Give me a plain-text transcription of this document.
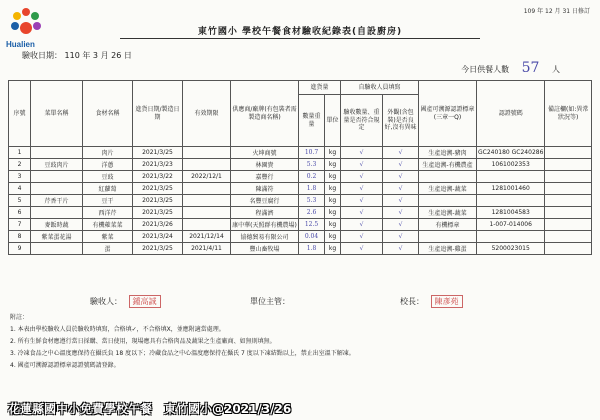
Hualien
109 年 12 月 31 日修訂
東竹國小 學校午餐食材驗收紀錄表(自設廚房)
驗收日期： 110 年 3 月 26 日
今日供餐人數 57 人
序號	菜單名稱	食材名稱	進貨日期/製造日期	有效期限	供應商/廠牌(有包裝者需製造商名稱)	進貨量		自驗收人員填寫		國產可溯源認證標章(三章一Q)	認證號碼	備註欄(如:異常狀況等)
						數量重量	單位	驗收數量、重量是否符合規定	外觀(含包裝)是否良好,沒有異味			
1		肉片	2021/3/25		火坤商號	10.7	kg	√	√	生產追溯-豬肉	GC240180 GC240286	
2	豆豉肉片	洋蔥	2021/3/23		林園貴	5.3	kg	√	√	生產追溯-有機農產	1061002353	
3		豆豉	2021/3/22	2022/12/1	嘉豐行	0.2	kg	√	√			
4		紅蘿蔔	2021/3/25		陳滿符	1.8	kg	√	√	生產追溯-蔬菜	1281001460	
5	芹香干片	豆干	2021/3/25		名豐豆腐行	5.3	kg	√	√			
6		西洋芹	2021/3/25		程滿濟	2.6	kg	√	√	生產追溯-蔬菜	1281004583	
7	麥飯時蔬	有機蕹菜菜	2021/3/26		康中華(天照群有機農場)	12.5	kg	√	√	有機標章	1-007-014006	
8	紫菜蛋花湯	紫菜	2021/3/24	2021/12/14	協德貿易有限公司	0.04	kg	√	√			
9		蛋	2021/3/25	2021/4/11	豐山畜牧場	1.8	kg	√	√	生產追溯-雞蛋	5200023015	
驗收人： 鍾高誠	單位主管：	校長： 陳彥苑
附註：
1. 本表由學校驗收人員於驗收時填寫，合格填✓，不合格填X，並應附適當處理。
2. 所有生鮮食材應遵行當日採購、當日使用，現場應具有合格肉品及蔬果之生產廠商、如無則填無。
3. 冷凍食品之中心溫度應保持在攝氏負 18 度以下；冷藏食品之中心溫度應保持在攝氏 7 度以下凍結點以上，禁止出室溫下解凍。
4. 國產可溯源認證標章認證號碼請登錄。
花蓮縣國中小免費學校午餐　東竹國小@2021/3/26
